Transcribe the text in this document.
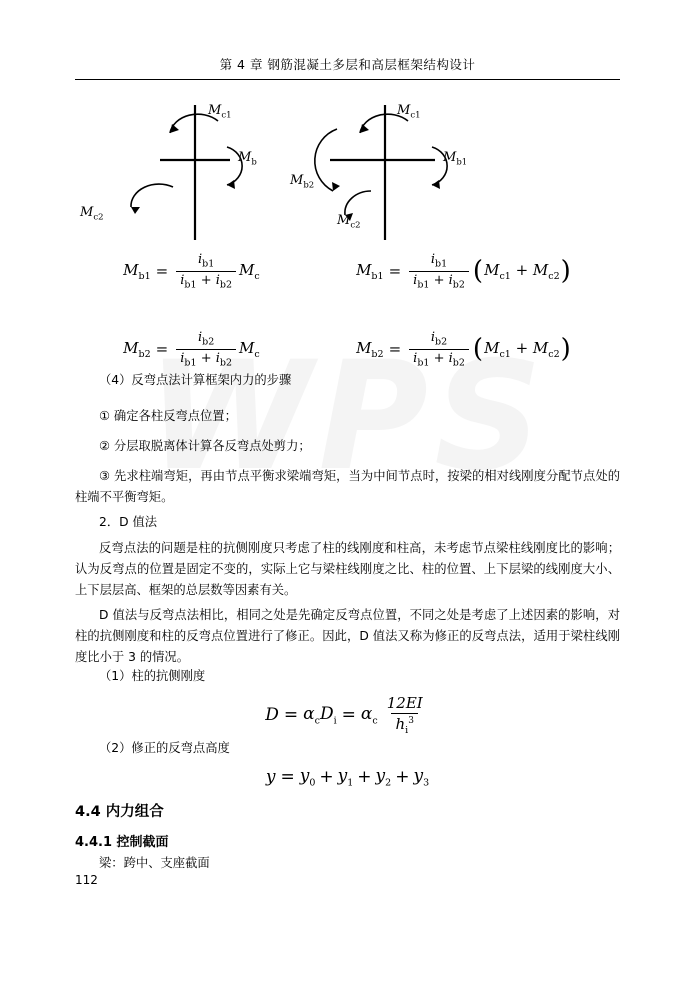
第 4 章 钢筋混凝土多层和高层框架结构设计
$M_{c1}$
$M_b$
$M_{c2}$
$M_{c1}$
$M_{b1}$
$M_{b2}$
$M_{c2}$
$M_{b1} = \frac{i_{b1}}{i_{b1} + i_{b2}} M_c$	$M_{b1} = \frac{i_{b1}}{i_{b1} + i_{b2}}$ ( $M_{c1} + M_{c2}$ )
$M_{b2} = \frac{i_{b2}}{i_{b1} + i_{b2}} M_c$	$M_{b2} = \frac{i_{b2}}{i_{b1} + i_{b2}}$ ( $M_{c1} + M_{c2}$ )

（4）反弯点法计算框架内力的步骤

① 确定各柱反弯点位置；

② 分层取脱离体计算各反弯点处剪力；

③ 先求柱端弯矩，再由节点平衡求梁端弯矩，当为中间节点时，按梁的相对线刚度分配节点处的柱端不平衡弯矩。

2．D 值法

反弯点法的问题是柱的抗侧刚度只考虑了柱的线刚度和柱高，未考虑节点梁柱线刚度比的影响；认为反弯点的位置是固定不变的，实际上它与梁柱线刚度之比、柱的位置、上下层梁的线刚度大小、上下层层高、框架的总层数等因素有关。

D 值法与反弯点法相比，相同之处是先确定反弯点位置，不同之处是考虑了上述因素的影响，对柱的抗侧刚度和柱的反弯点位置进行了修正。因此，D 值法又称为修正的反弯点法，适用于梁柱线刚度比小于 3 的情况。

（1）柱的抗侧刚度

$D = \alpha_cD_i = \alpha_c \frac{12EI}{h_i^3}$

（2）修正的反弯点高度

$y = y_0 + y_1 + y_2 + y_3$
4.4 内力组合
4.4.1 控制截面

梁：跨中、支座截面

112
